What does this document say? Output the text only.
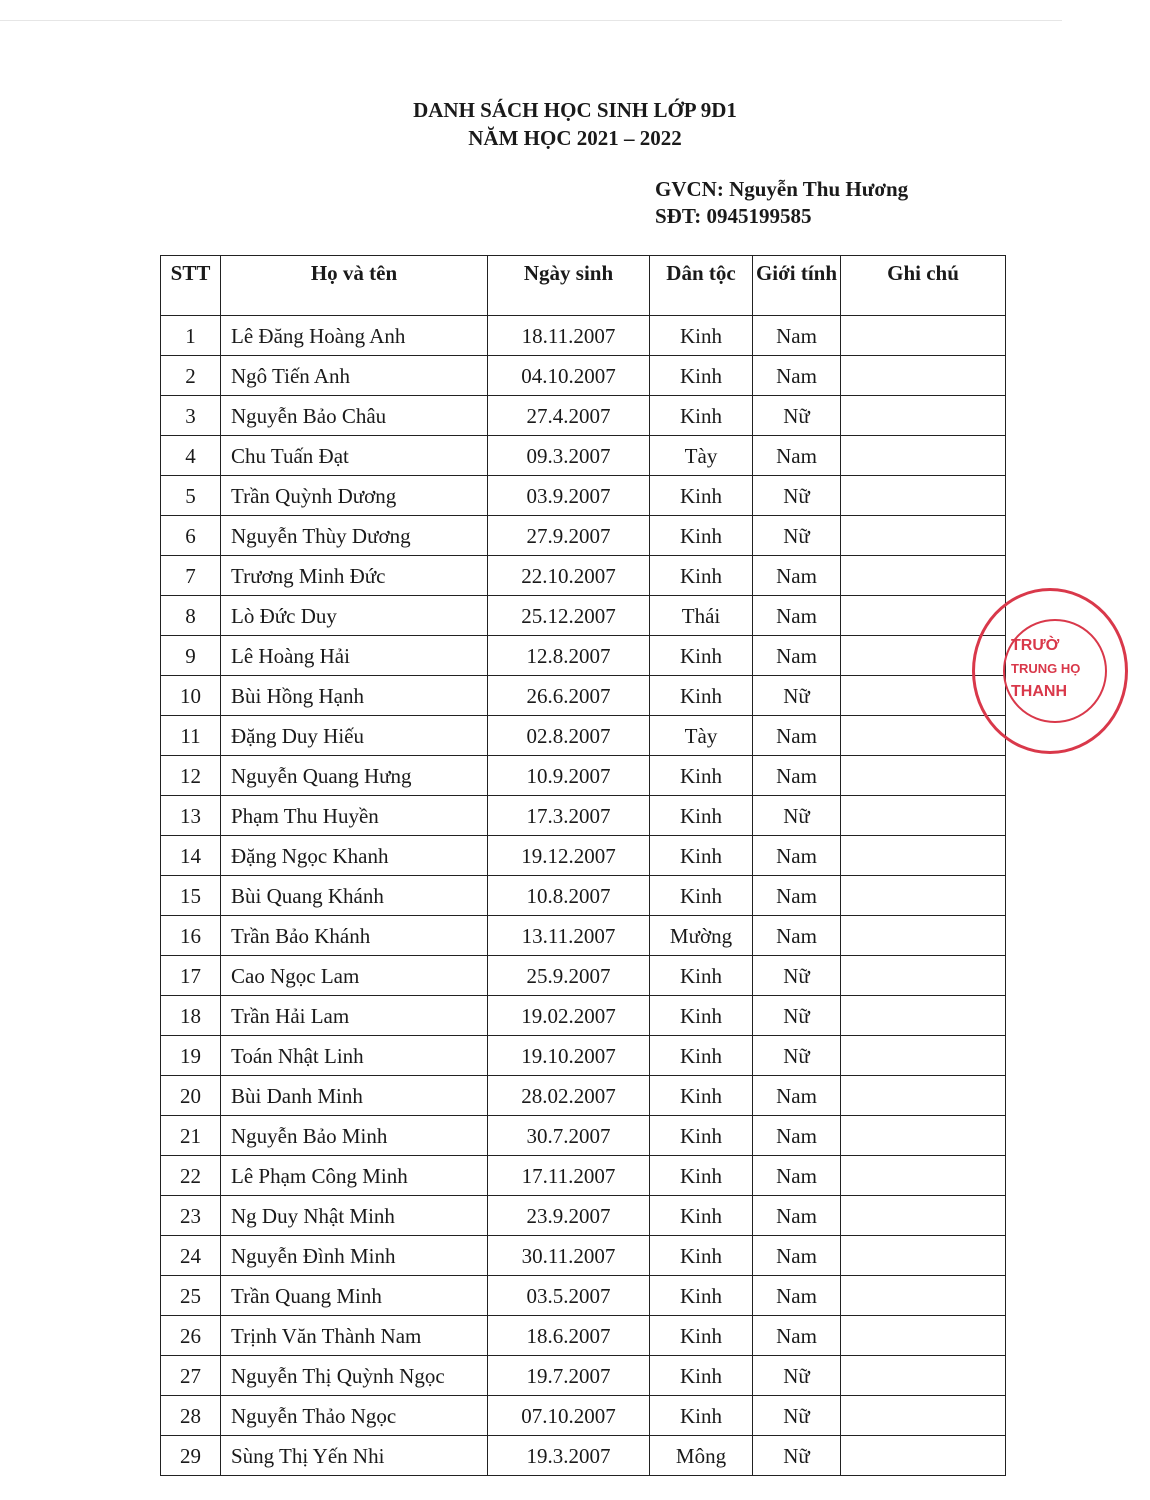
DANH SÁCH HỌC SINH LỚP 9D1
NĂM HỌC 2021 – 2022
GVCN: Nguyễn Thu Hương
SĐT: 0945199585
STT	Họ và tên	Ngày sinh	Dân tộc	Giới tính	Ghi chú
1	Lê Đăng Hoàng Anh	18.11.2007	Kinh	Nam	
2	Ngô Tiến Anh	04.10.2007	Kinh	Nam	
3	Nguyễn Bảo Châu	27.4.2007	Kinh	Nữ	
4	Chu Tuấn Đạt	09.3.2007	Tày	Nam	
5	Trần Quỳnh Dương	03.9.2007	Kinh	Nữ	
6	Nguyễn Thùy Dương	27.9.2007	Kinh	Nữ	
7	Trương Minh Đức	22.10.2007	Kinh	Nam	
8	Lò Đức Duy	25.12.2007	Thái	Nam	
9	Lê Hoàng Hải	12.8.2007	Kinh	Nam	
10	Bùi Hồng Hạnh	26.6.2007	Kinh	Nữ	
11	Đặng Duy Hiếu	02.8.2007	Tày	Nam	
12	Nguyễn Quang Hưng	10.9.2007	Kinh	Nam	
13	Phạm Thu Huyền	17.3.2007	Kinh	Nữ	
14	Đặng Ngọc Khanh	19.12.2007	Kinh	Nam	
15	Bùi Quang Khánh	10.8.2007	Kinh	Nam	
16	Trần Bảo Khánh	13.11.2007	Mường	Nam	
17	Cao Ngọc Lam	25.9.2007	Kinh	Nữ	
18	Trần Hải Lam	19.02.2007	Kinh	Nữ	
19	Toán Nhật Linh	19.10.2007	Kinh	Nữ	
20	Bùi Danh Minh	28.02.2007	Kinh	Nam	
21	Nguyễn Bảo Minh	30.7.2007	Kinh	Nam	
22	Lê Phạm Công Minh	17.11.2007	Kinh	Nam	
23	Ng Duy Nhật Minh	23.9.2007	Kinh	Nam	
24	Nguyễn Đình Minh	30.11.2007	Kinh	Nam	
25	Trần Quang Minh	03.5.2007	Kinh	Nam	
26	Trịnh Văn Thành Nam	18.6.2007	Kinh	Nam	
27	Nguyễn Thị Quỳnh Ngọc	19.7.2007	Kinh	Nữ	
28	Nguyễn Thảo Ngọc	07.10.2007	Kinh	Nữ	
29	Sùng Thị Yến Nhi	19.3.2007	Mông	Nữ	
TRƯỜ
TRUNG HỌ
THANH
